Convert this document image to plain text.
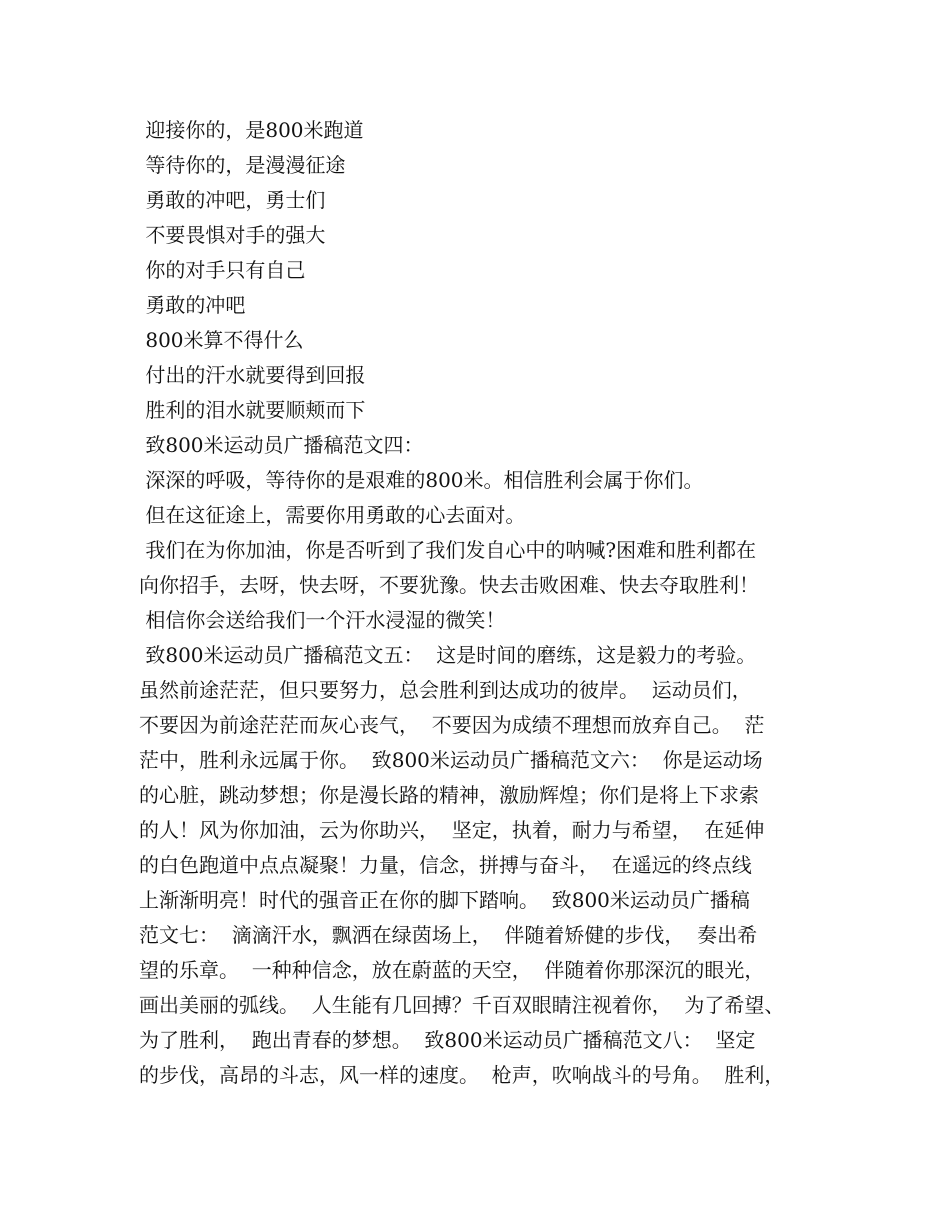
迎接你的，是800米跑道

等待你的，是漫漫征途

勇敢的冲吧，勇士们

不要畏惧对手的强大

你的对手只有自己

勇敢的冲吧

800米算不得什么

付出的汗水就要得到回报

胜利的泪水就要顺颊而下

致800米运动员广播稿范文四：

深深的呼吸，等待你的是艰难的800米。相信胜利会属于你们。

但在这征途上，需要你用勇敢的心去面对。

我们在为你加油，你是否听到了我们发自心中的呐喊?困难和胜利都在

向你招手，去呀，快去呀，不要犹豫。快去击败困难、快去夺取胜利！

相信你会送给我们一个汗水浸湿的微笑！

致800米运动员广播稿范文五：  这是时间的磨练，这是毅力的考验。

虽然前途茫茫，但只要努力，总会胜利到达成功的彼岸。  运动员们，

不要因为前途茫茫而灰心丧气，  不要因为成绩不理想而放弃自己。  茫

茫中，胜利永远属于你。  致800米运动员广播稿范文六：  你是运动场

的心脏，跳动梦想；你是漫长路的精神，激励辉煌；你们是将上下求索

的人！风为你加油，云为你助兴，  坚定，执着，耐力与希望，  在延伸

的白色跑道中点点凝聚！力量，信念，拼搏与奋斗，  在遥远的终点线

上渐渐明亮！时代的强音正在你的脚下踏响。  致800米运动员广播稿

范文七：  滴滴汗水，飘洒在绿茵场上，  伴随着矫健的步伐，  奏出希

望的乐章。  一种种信念，放在蔚蓝的天空，  伴随着你那深沉的眼光，

画出美丽的弧线。  人生能有几回搏？千百双眼睛注视着你，  为了希望、

为了胜利，  跑出青春的梦想。  致800米运动员广播稿范文八：  坚定

的步伐，高昂的斗志，风一样的速度。  枪声，吹响战斗的号角。  胜利，
